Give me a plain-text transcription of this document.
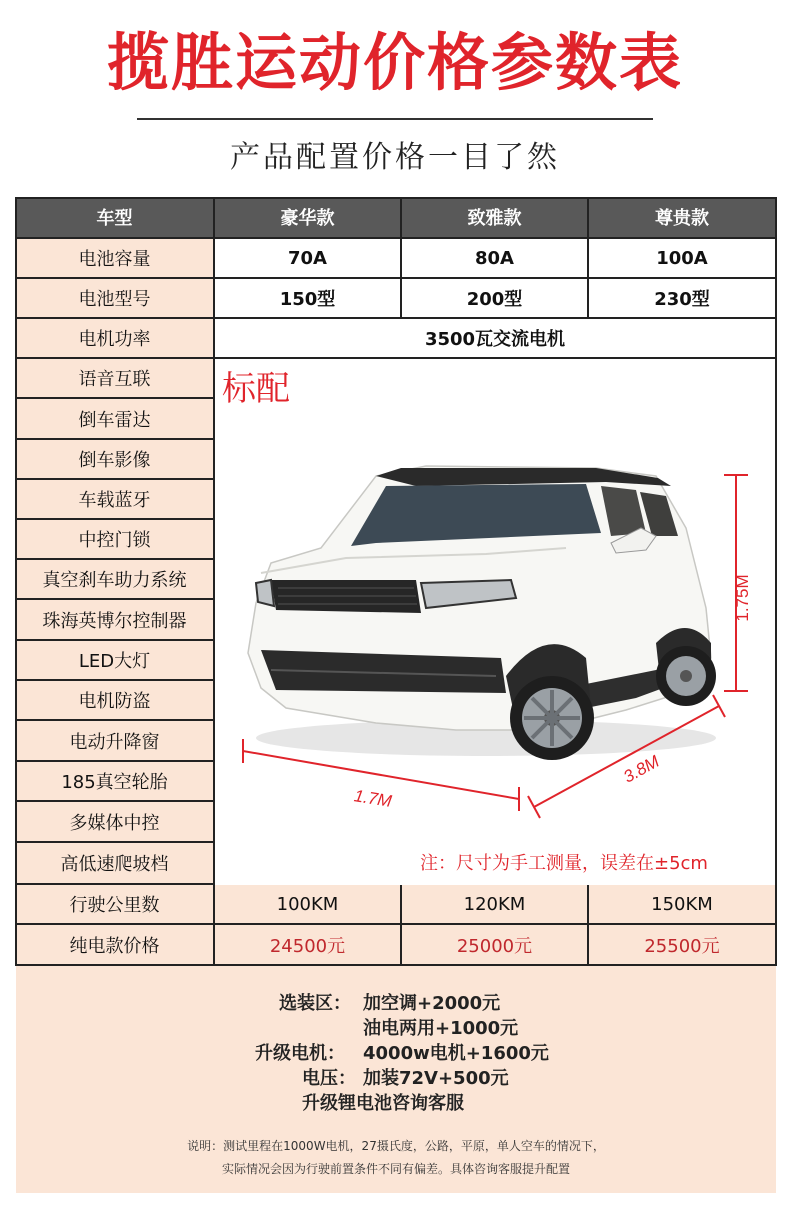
揽胜运动价格参数表
产品配置价格一目了然
车型	豪华款	致雅款	尊贵款
电池容量	70A	80A	100A
电池型号	150型	200型	230型
电机功率	3500瓦交流电机
语音互联
倒车雷达
倒车影像
车载蓝牙
中控门锁
真空刹车助力系统
珠海英博尔控制器
LED大灯
电机防盗
电动升降窗
185真空轮胎
多媒体中控
高低速爬坡档
标配
1.75M
1.7M
3.8M
注：尺寸为手工测量，误差在±5cm
行驶公里数	100KM	120KM	150KM
纯电款价格	24500元	25000元	25500元
选装区： 加空调+2000元
油电两用+1000元
升级电机： 4000w电机+1600元
电压： 加装72V+500元
升级锂电池咨询客服
说明：测试里程在1000W电机，27摄氏度，公路，平原，单人空车的情况下，
实际情况会因为行驶前置条件不同有偏差。具体咨询客服提升配置
